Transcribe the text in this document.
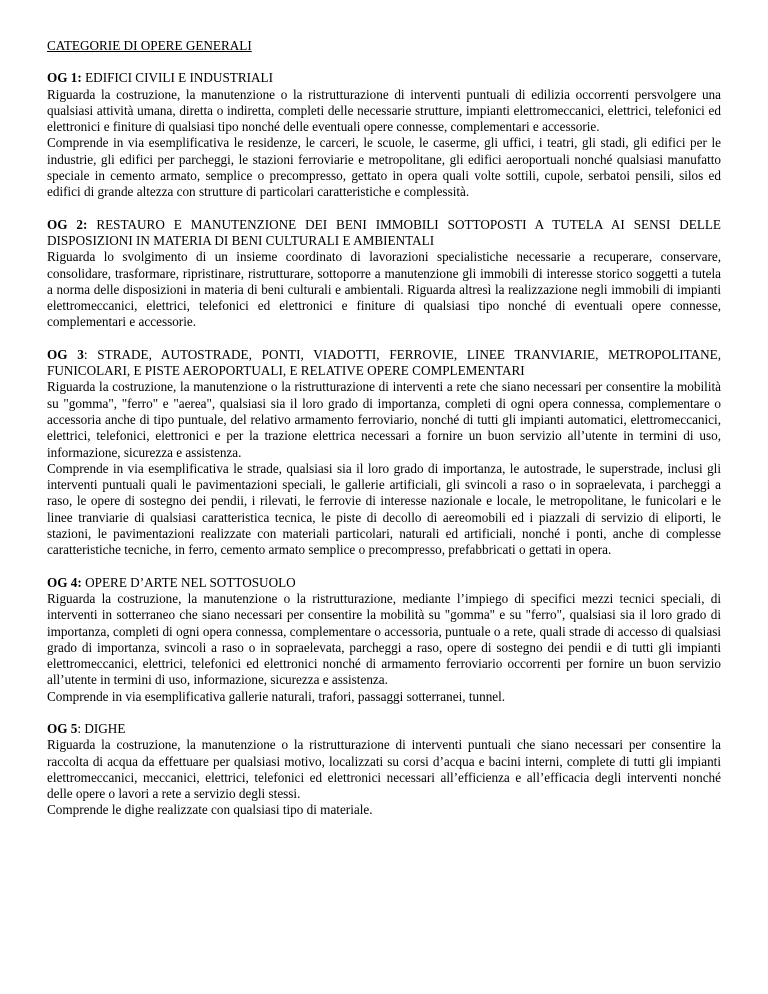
CATEGORIE DI OPERE GENERALI
OG 1: EDIFICI CIVILI E INDUSTRIALI
Riguarda la costruzione, la manutenzione o la ristrutturazione di interventi puntuali di edilizia occorrenti persvolgere una qualsiasi attività umana, diretta o indiretta, completi delle necessarie strutture, impianti elettromeccanici, elettrici, telefonici ed elettronici e finiture di qualsiasi tipo nonché delle eventuali opere connesse, complementari e accessorie.
Comprende in via esemplificativa le residenze, le carceri, le scuole, le caserme, gli uffici, i teatri, gli stadi, gli edifici per le industrie, gli edifici per parcheggi, le stazioni ferroviarie e metropolitane, gli edifici aeroportuali nonché qualsiasi manufatto speciale in cemento armato, semplice o precompresso, gettato in opera quali volte sottili, cupole, serbatoi pensili, silos ed edifici di grande altezza con strutture di particolari caratteristiche e complessità.
OG 2: RESTAURO E MANUTENZIONE DEI BENI IMMOBILI SOTTOPOSTI A TUTELA AI SENSI DELLE DISPOSIZIONI IN MATERIA DI BENI CULTURALI E AMBIENTALI
Riguarda lo svolgimento di un insieme coordinato di lavorazioni specialistiche necessarie a recuperare, conservare, consolidare, trasformare, ripristinare, ristrutturare, sottoporre a manutenzione gli immobili di interesse storico soggetti a tutela a norma delle disposizioni in materia di beni culturali e ambientali. Riguarda altresì la realizzazione negli immobili di impianti elettromeccanici, elettrici, telefonici ed elettronici e finiture di qualsiasi tipo nonché di eventuali opere connesse, complementari e accessorie.
OG 3: STRADE, AUTOSTRADE, PONTI, VIADOTTI, FERROVIE, LINEE TRANVIARIE, METROPOLITANE, FUNICOLARI, E PISTE AEROPORTUALI, E RELATIVE OPERE COMPLEMENTARI
Riguarda la costruzione, la manutenzione o la ristrutturazione di interventi a rete che siano necessari per consentire la mobilità su "gomma", "ferro" e "aerea", qualsiasi sia il loro grado di importanza, completi di ogni opera connessa, complementare o accessoria anche di tipo puntuale, del relativo armamento ferroviario, nonché di tutti gli impianti automatici, elettromeccanici, elettrici, telefonici, elettronici e per la trazione elettrica necessari a fornire un buon servizio all’utente in termini di uso, informazione, sicurezza e assistenza.
Comprende in via esemplificativa le strade, qualsiasi sia il loro grado di importanza, le autostrade, le superstrade, inclusi gli interventi puntuali quali le pavimentazioni speciali, le gallerie artificiali, gli svincoli a raso o in sopraelevata, i parcheggi a raso, le opere di sostegno dei pendii, i rilevati, le ferrovie di interesse nazionale e locale, le metropolitane, le funicolari e le linee tranviarie di qualsiasi caratteristica tecnica, le piste di decollo di aereomobili ed i piazzali di servizio di eliporti, le stazioni, le pavimentazioni realizzate con materiali particolari, naturali ed artificiali, nonché i ponti, anche di complesse caratteristiche tecniche, in ferro, cemento armato semplice o precompresso, prefabbricati o gettati in opera.
OG 4: OPERE D’ARTE NEL SOTTOSUOLO
Riguarda la costruzione, la manutenzione o la ristrutturazione, mediante l’impiego di specifici mezzi tecnici speciali, di interventi in sotterraneo che siano necessari per consentire la mobilità su "gomma" e su "ferro", qualsiasi sia il loro grado di importanza, completi di ogni opera connessa, complementare o accessoria, puntuale o a rete, quali strade di accesso di qualsiasi grado di importanza, svincoli a raso o in sopraelevata, parcheggi a raso, opere di sostegno dei pendii e di tutti gli impianti elettromeccanici, elettrici, telefonici ed elettronici nonché di armamento ferroviario occorrenti per fornire un buon servizio all’utente in termini di uso, informazione, sicurezza e assistenza.
Comprende in via esemplificativa gallerie naturali, trafori, passaggi sotterranei, tunnel.
OG 5: DIGHE
Riguarda la costruzione, la manutenzione o la ristrutturazione di interventi puntuali che siano necessari per consentire la raccolta di acqua da effettuare per qualsiasi motivo, localizzati su corsi d’acqua e bacini interni, complete di tutti gli impianti elettromeccanici, meccanici, elettrici, telefonici ed elettronici necessari all’efficienza e all’efficacia degli interventi nonché delle opere o lavori a rete a servizio degli stessi.
Comprende le dighe realizzate con qualsiasi tipo di materiale.
